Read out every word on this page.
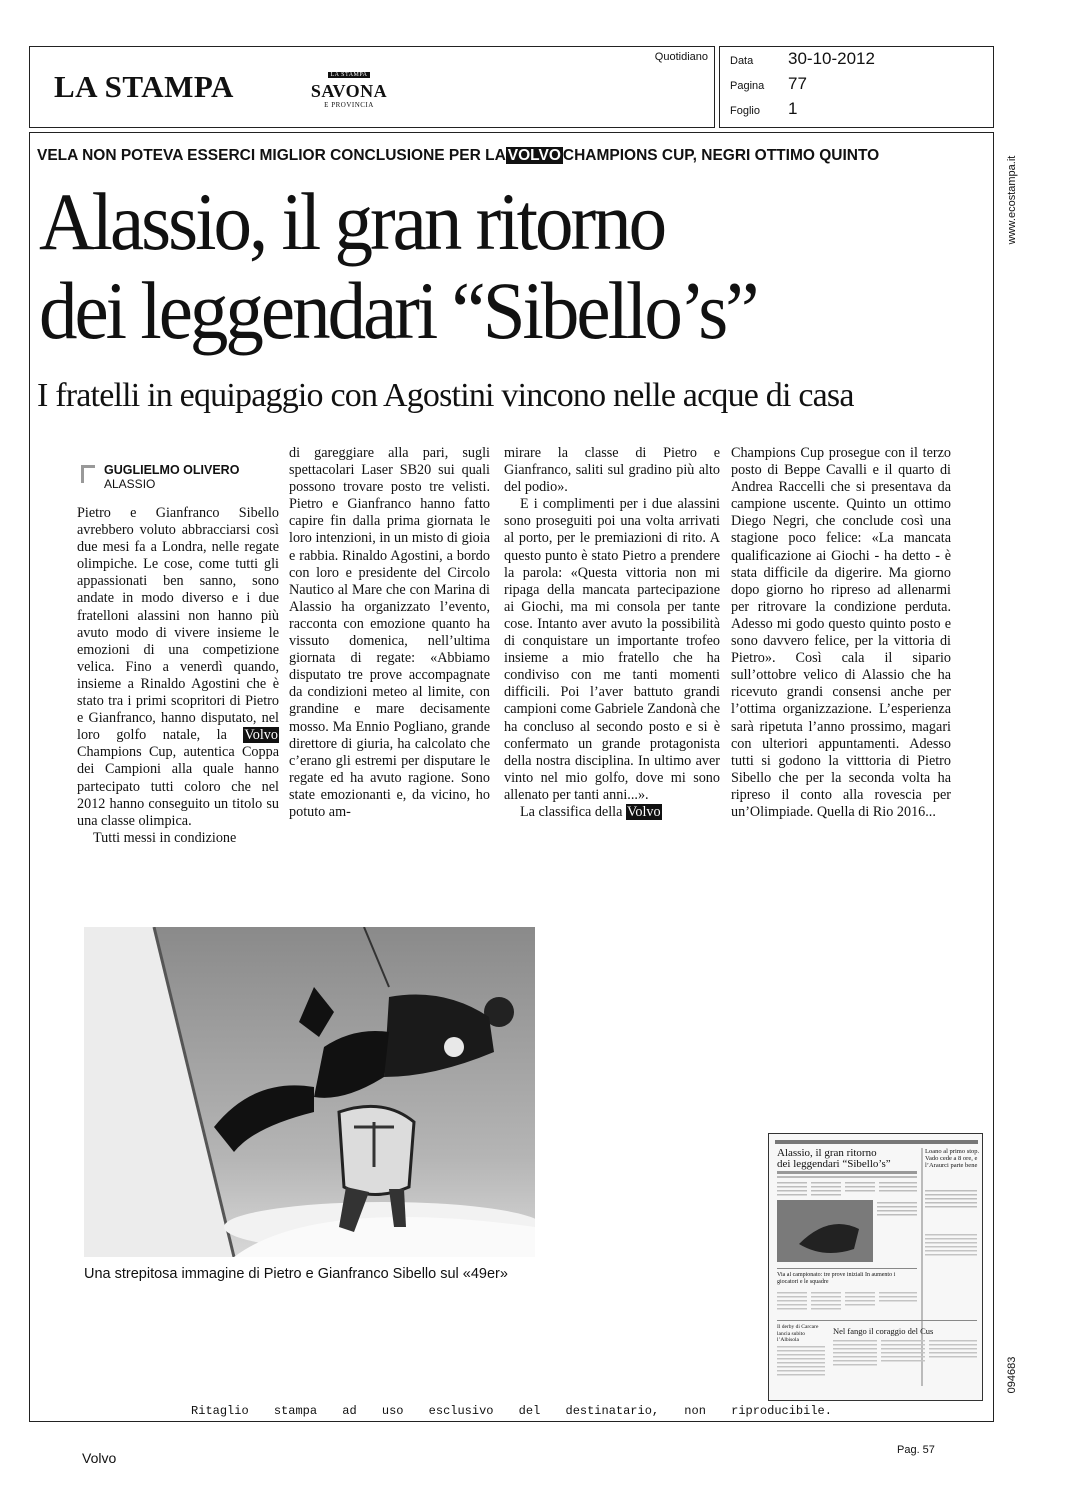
LA STAMPA	LA STAMPA
SAVONA
E PROVINCIA
Quotidiano Data	30-10-2012
Pagina	77
Foglio	1
www.ecostampa.it
094683
VELA NON POTEVA ESSERCI MIGLIOR CONCLUSIONE PER LA VOLVO CHAMPIONS CUP, NEGRI OTTIMO QUINTO
Alassio, il gran ritorno
dei leggendari “Sibello’s”
I fratelli in equipaggio con Agostini vincono nelle acque di casa
GUGLIELMO OLIVERO
ALASSIO

Pietro e Gianfranco Sibello avrebbero voluto abbracciarsi così due mesi fa a Londra, nelle regate olimpiche. Le cose, come tutti gli appassionati ben sanno, sono andate in modo diverso e i due fratelloni alassini non hanno più avuto modo di vivere insieme le emozioni di una competizione velica. Fino a venerdì quando, insieme a Rinaldo Agostini che è stato tra i primi scopritori di Pietro e Gianfranco, hanno disputato, nel loro golfo natale, la Volvo Champions Cup, autentica Coppa dei Campioni alla quale hanno partecipato tutti coloro che nel 2012 hanno conseguito un titolo su una classe olimpica.

Tutti messi in condizione

di gareggiare alla pari, sugli spettacolari Laser SB20 sui quali possono trovare posto tre velisti. Pietro e Gianfranco hanno fatto capire fin dalla prima giornata le loro intenzioni, in un misto di gioia e rabbia. Rinaldo Agostini, a bordo con loro e presidente del Circolo Nautico al Mare che con Marina di Alassio ha organizzato l’evento, racconta con emozione quanto ha vissuto domenica, nell’ultima giornata di regate: «Abbiamo disputato tre prove accompagnate da condizioni meteo al limite, con grandine e mare decisamente mosso. Ma Ennio Pogliano, grande direttore di giuria, ha calcolato che c’erano gli estremi per disputare le regate ed ha avuto ragione. Sono state emozionanti e, da vicino, ho potuto am-

mirare la classe di Pietro e Gianfranco, saliti sul gradino più alto del podio».

E i complimenti per i due alassini sono proseguiti poi una volta arrivati al porto, per le premiazioni di rito. A questo punto è stato Pietro a prendere la parola: «Questa vittoria non mi ripaga della mancata partecipazione ai Giochi, ma mi consola per tante cose. Intanto aver avuto la possibilità di conquistare un importante trofeo insieme a mio fratello che ha condiviso con me tanti momenti difficili. Poi l’aver battuto grandi campioni come Gabriele Zandonà che ha concluso al secondo posto e si è confermato un grande protagonista della nostra disciplina. In ultimo aver vinto nel mio golfo, dove mi sono allenato per tanti anni...».

La classifica della Volvo

Champions Cup prosegue con il terzo posto di Beppe Cavalli e il quarto di Andrea Raccelli che si presentava da campione uscente. Quinto un ottimo Diego Negri, che conclude così una stagione poco felice: «La mancata qualificazione ai Giochi - ha detto - è stata difficile da digerire. Ma giorno dopo giorno ho ripreso ad allenarmi per ritrovare la condizione perduta. Adesso mi godo questo quinto posto e sono davvero felice, per la vittoria di Pietro». Così cala il sipario sull’ottobre velico di Alassio che ha ricevuto grandi consensi anche per l’ottima organizzazione. L’esperienza sarà ripetuta l’anno prossimo, magari con ulteriori appuntamenti. Adesso tutti si godono la vitttoria di Pietro Sibello che per la seconda volta ha ripreso il conto alla rovescia per un’Olimpiade. Quella di Rio 2016...

Una strepitosa immagine di Pietro e Gianfranco Sibello sul «49er»
Alassio, il gran ritorno
dei leggendari “Sibello’s”
Loano al primo stop. Vado cede a 8 ore, e l’Araurci parte bene
Via al campionato: tre prove iniziali In aumento i giocatori e le squadre
Il derby di Carcare lancia subito l’Albisola
Nel fango il coraggio del Cus
Ritaglio stampa ad uso esclusivo del destinatario, non riproducibile.
Volvo	Pag. 57
